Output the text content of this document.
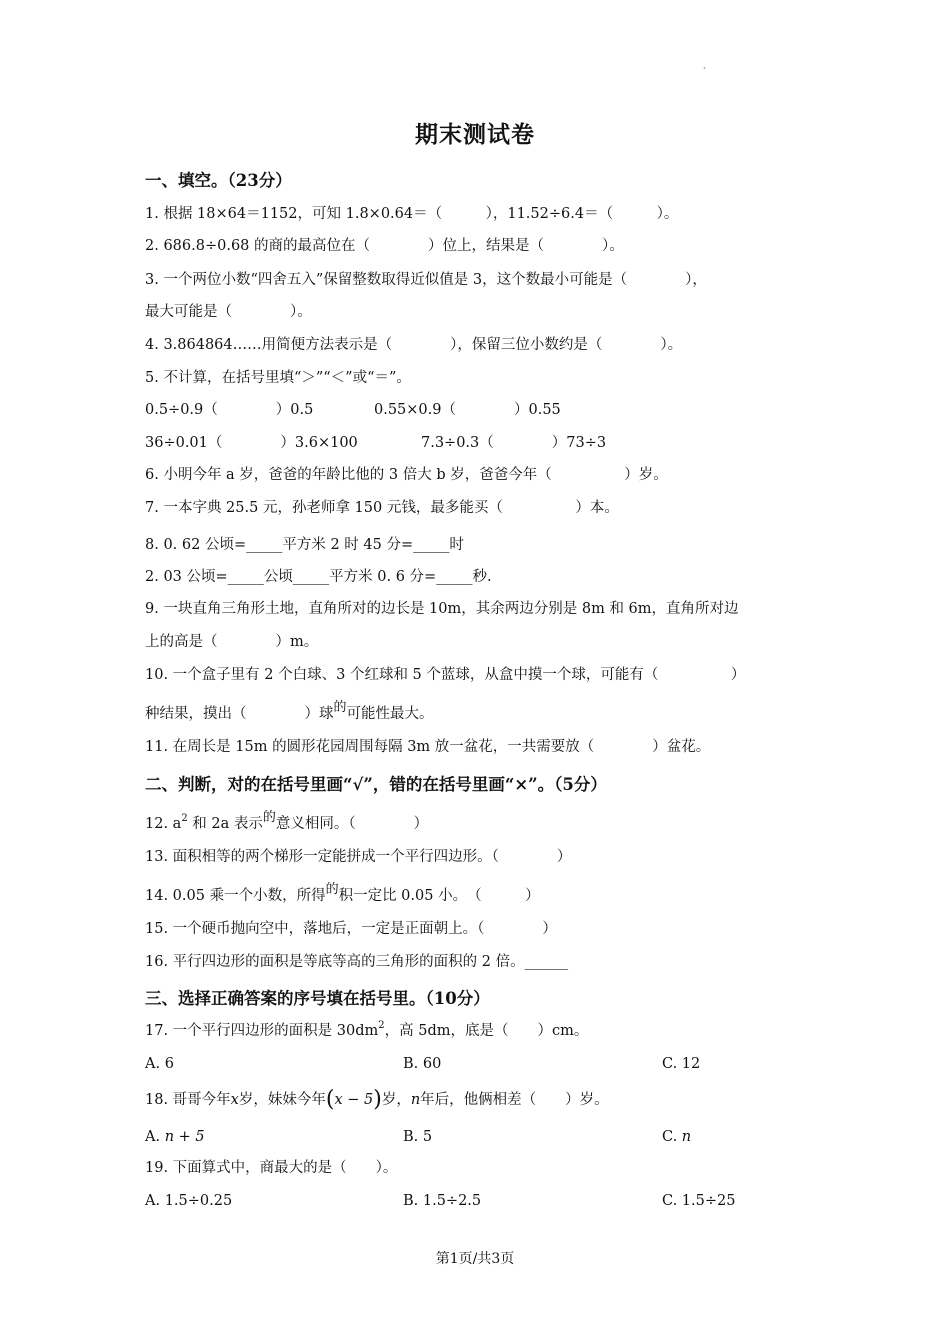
、
期末测试卷
一、填空。（23分）
1. 根据 18×64＝1152，可知 1.8×0.64＝（　　　），11.52÷6.4＝（　　　）。
2. 686.8÷0.68 的商的最高位在（　　　　）位上，结果是（　　　　）。
3. 一个两位小数“四舍五入”保留整数取得近似值是 3，这个数最小可能是（　　　　），
最大可能是（　　　　）。
4. 3.864864……用简便方法表示是（　　　　），保留三位小数约是（　　　　）。
5. 不计算，在括号里填“＞”“＜”或“＝”。
0.5÷0.9（　　　　）0.5	0.55×0.9（　　　　）0.55
36÷0.01（　　　　）3.6×100	7.3÷0.3（　　　　）73÷3
6. 小明今年 a 岁，爸爸的年龄比他的 3 倍大 b 岁，爸爸今年（　　　　　）岁。
7. 一本字典 25.5 元，孙老师拿 150 元钱，最多能买（　　　　　）本。
8. 0. 62 公顷=_____平方米 2 时 45 分=_____时
2. 03 公顷=_____公顷_____平方米 0. 6 分=_____秒.
9. 一块直角三角形土地，直角所对的边长是 10m，其余两边分别是 8m 和 6m，直角所对边
上的高是（　　　　）m。
10. 一个盒子里有 2 个白球、3 个红球和 5 个蓝球，从盒中摸一个球，可能有（　　　　　）
种结果，摸出（　　　　）球的可能性最大。
11. 在周长是 15m 的圆形花园周围每隔 3m 放一盆花，一共需要放（　　　　）盆花。
二、判断，对的在括号里画“√”，错的在括号里画“×”。（5分）
12. $a^2$ 和 2a 表示的意义相同。（　　　　）
13. 面积相等的两个梯形一定能拼成一个平行四边形。（　　　　）
14. 0.05 乘一个小数，所得的积一定比 0.05 小。　（　　　）
15. 一个硬币抛向空中，落地后，一定是正面朝上。（　　　　）
16. 平行四边形的面积是等底等高的三角形的面积的 2 倍。______
三、选择正确答案的序号填在括号里。（10分）
17. 一个平行四边形的面积是 $30dm^2$，高 5dm，底是（　　）cm。
A. 6	B. 60	C. 12
18. 哥哥今年x岁，妹妹今年(x − 5)岁，n年后，他俩相差（　　）岁。
A. n + 5	B. 5	C. n
19. 下面算式中，商最大的是（　　）。
A. 1.5÷0.25	B. 1.5÷2.5	C. 1.5÷25
第1页/共3页
